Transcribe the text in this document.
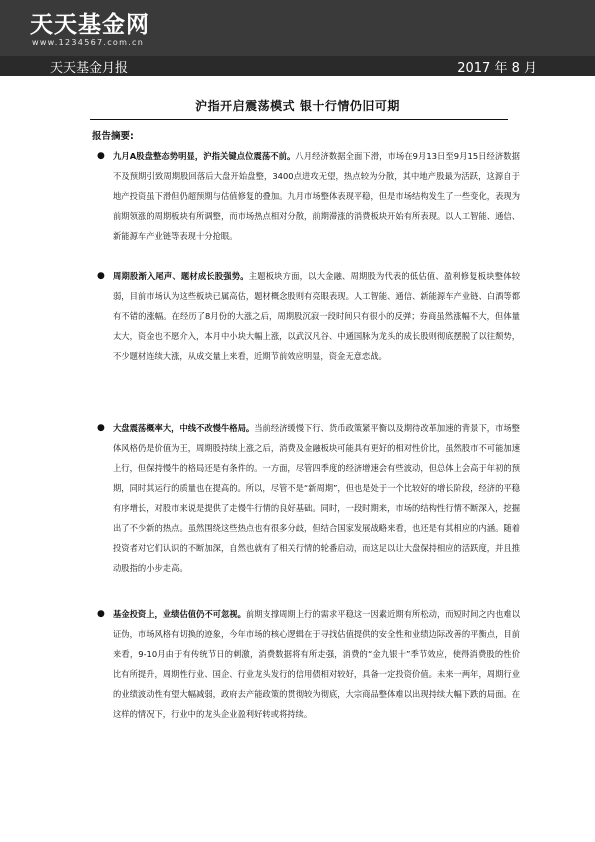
天天基金网
www.1234567.com.cn
天天基金月报	2017 年 8 月
沪指开启震荡模式 银十行情仍旧可期
报告摘要:
● 九月A股盘整态势明显，沪指关键点位震荡不前。八月经济数据全面下滑，市场在9月13日至9月15日经济数据不及预期引致周期股回落后大盘开始盘整，3400点进攻无望，热点较为分散，其中地产股最为活跃，这源自于地产投资虽下滑但仍超预期与估值修复的叠加。九月市场整体表现平稳，但是市场结构发生了一些变化，表现为前期领涨的周期板块有所调整，而市场热点相对分散，前期滞涨的消费板块开始有所表现。以人工智能、通信、新能源车产业链等表现十分抢眼。
● 周期股渐入尾声、题材成长股强势。主题板块方面，以大金融、周期股为代表的低估值、盈利修复板块整体较弱，目前市场认为这些板块已属高估，题材概念股则有亮眼表现。人工智能、通信、新能源车产业链、白酒等都有不错的涨幅。在经历了8月份的大涨之后，周期股沉寂一段时间只有很小的反弹；券商虽然涨幅不大，但体量太大，资金也不愿介入，本月中小块大幅上涨，以武汉凡谷、中通国脉为龙头的成长股则彻底摆脱了以往颓势，不少题材连续大涨，从成交量上来看，近期节前效应明显，资金无意恋战。
● 大盘震荡概率大，中线不改慢牛格局。当前经济缓慢下行、货币政策紧平衡以及期待改革加速的背景下，市场整体风格仍是价值为王，周期股持续上涨之后，消费及金融板块可能具有更好的相对性价比，虽然股市不可能加速上行，但保持慢牛的格局还是有条件的。一方面，尽管四季度的经济增速会有些波动，但总体上会高于年初的预期，同时其运行的质量也在提高的。所以，尽管不是“新周期”，但也是处于一个比较好的增长阶段，经济的平稳有序增长，对股市来说是提供了走慢牛行情的良好基础。同时，一段时期来，市场的结构性行情不断深入，挖掘出了不少新的热点。虽然围绕这些热点也有很多分歧，但结合国家发展战略来看，也还是有其相应的内涵。随着投资者对它们认识的不断加深，自然也就有了相关行情的轮番启动，而这足以让大盘保持相应的活跃度，并且推动股指的小步走高。
● 基金投资上，业绩估值仍不可忽视。前期支撑周期上行的需求平稳这一因素近期有所松动，而短时间之内也难以证伪，市场风格有切换的迹象，今年市场的核心逻辑在于寻找估值提供的安全性和业绩边际改善的平衡点，目前来看，9-10月由于有传统节日的刺激，消费数据将有所走强，消费的“金九银十”季节效应，使得消费股的性价比有所提升，周期性行业、国企、行业龙头发行的信用债相对较好，具备一定投资价值。未来一两年，周期行业的业绩波动性有望大幅减弱，政府去产能政策的贯彻较为彻底，大宗商品整体难以出现持续大幅下跌的局面。在这样的情况下，行业中的龙头企业盈利好转或将持续。
